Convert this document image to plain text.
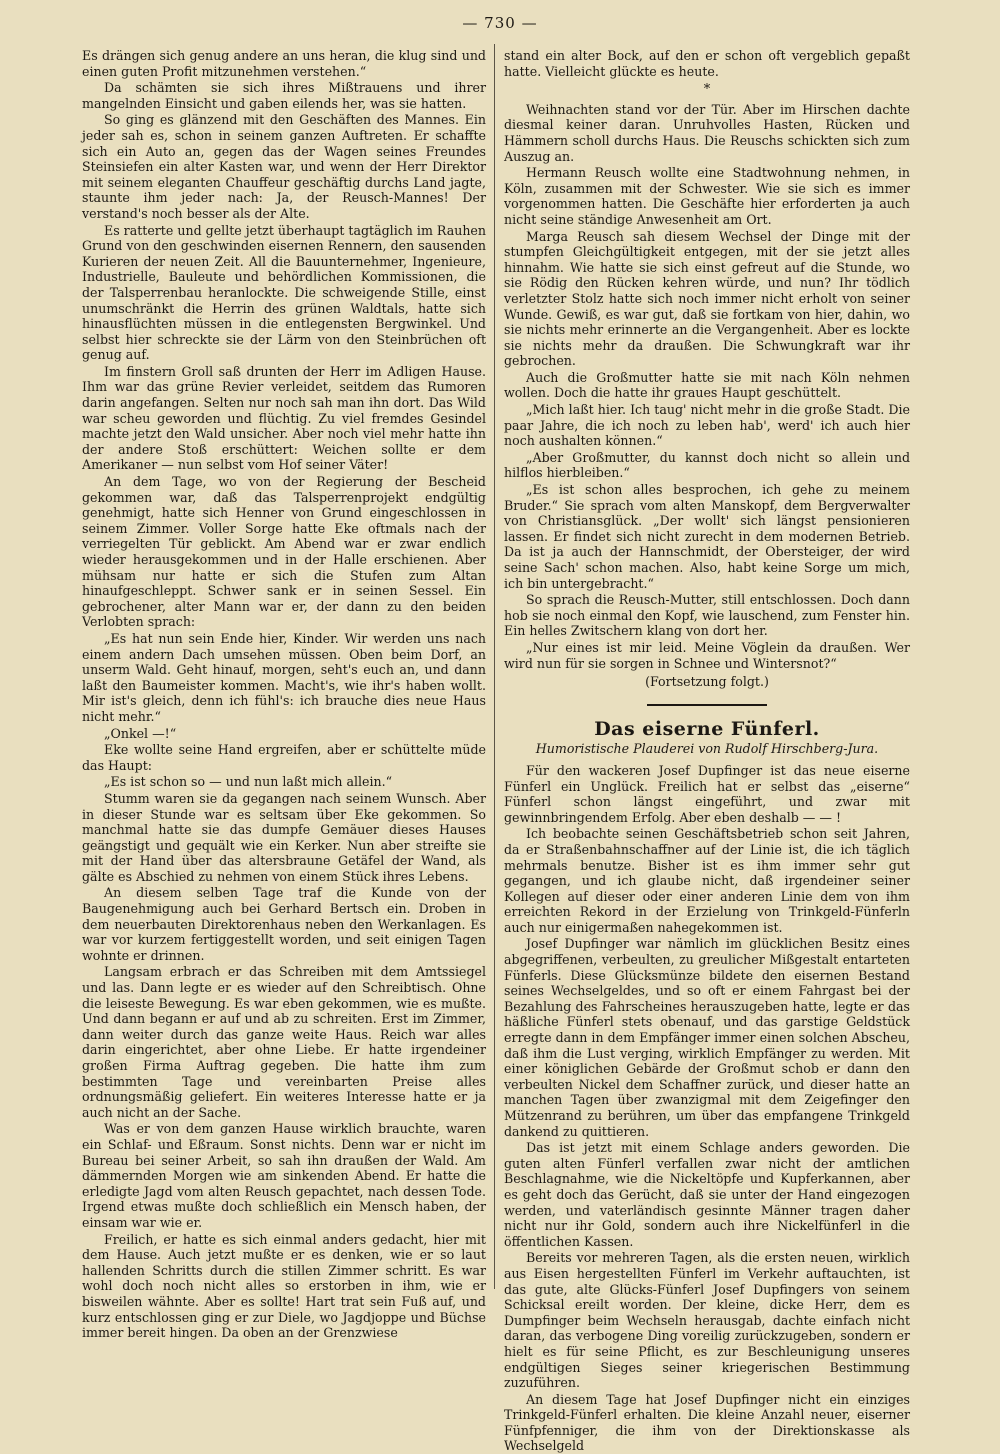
— 730 —

Es drängen sich genug andere an uns heran, die klug sind und einen guten Profit mitzunehmen verstehen.“

Da schämten sie sich ihres Mißtrauens und ihrer mangelnden Einsicht und gaben eilends her, was sie hatten.

So ging es glänzend mit den Geschäften des Mannes. Ein jeder sah es, schon in seinem ganzen Auftreten. Er schaffte sich ein Auto an, gegen das der Wagen seines Freundes Steinsiefen ein alter Kasten war, und wenn der Herr Direktor mit seinem eleganten Chauffeur geschäftig durchs Land jagte, staunte ihm jeder nach: Ja, der Reusch-Mannes! Der verstand's noch besser als der Alte.

Es ratterte und gellte jetzt überhaupt tagtäglich im Rauhen Grund von den geschwinden eisernen Rennern, den sausenden Kurieren der neuen Zeit. All die Bauunternehmer, Ingenieure, Industrielle, Bauleute und behördlichen Kommissionen, die der Talsperrenbau heranlockte. Die schweigende Stille, einst unumschränkt die Herrin des grünen Waldtals, hatte sich hinausflüchten müssen in die entlegensten Bergwinkel. Und selbst hier schreckte sie der Lärm von den Steinbrüchen oft genug auf.

Im finstern Groll saß drunten der Herr im Adligen Hause. Ihm war das grüne Revier verleidet, seitdem das Rumoren darin angefangen. Selten nur noch sah man ihn dort. Das Wild war scheu geworden und flüchtig. Zu viel fremdes Gesindel machte jetzt den Wald unsicher. Aber noch viel mehr hatte ihn der andere Stoß erschüttert: Weichen sollte er dem Amerikaner — nun selbst vom Hof seiner Väter!

An dem Tage, wo von der Regierung der Bescheid gekommen war, daß das Talsperrenprojekt endgültig genehmigt, hatte sich Henner von Grund eingeschlossen in seinem Zimmer. Voller Sorge hatte Eke oftmals nach der verriegelten Tür geblickt. Am Abend war er zwar endlich wieder herausgekommen und in der Halle erschienen. Aber mühsam nur hatte er sich die Stufen zum Altan hinaufgeschleppt. Schwer sank er in seinen Sessel. Ein gebrochener, alter Mann war er, der dann zu den beiden Verlobten sprach:

„Es hat nun sein Ende hier, Kinder. Wir werden uns nach einem andern Dach umsehen müssen. Oben beim Dorf, an unserm Wald. Geht hinauf, morgen, seht's euch an, und dann laßt den Baumeister kommen. Macht's, wie ihr's haben wollt. Mir ist's gleich, denn ich fühl's: ich brauche dies neue Haus nicht mehr.“

„Onkel —!“

Eke wollte seine Hand ergreifen, aber er schüttelte müde das Haupt:

„Es ist schon so — und nun laßt mich allein.“

Stumm waren sie da gegangen nach seinem Wunsch. Aber in dieser Stunde war es seltsam über Eke gekommen. So manchmal hatte sie das dumpfe Gemäuer dieses Hauses geängstigt und gequält wie ein Kerker. Nun aber streifte sie mit der Hand über das altersbraune Getäfel der Wand, als gälte es Abschied zu nehmen von einem Stück ihres Lebens.

An diesem selben Tage traf die Kunde von der Baugenehmigung auch bei Gerhard Bertsch ein. Droben in dem neuerbauten Direktorenhaus neben den Werkanlagen. Es war vor kurzem fertiggestellt worden, und seit einigen Tagen wohnte er drinnen.

Langsam erbrach er das Schreiben mit dem Amtssiegel und las. Dann legte er es wieder auf den Schreibtisch. Ohne die leiseste Bewegung. Es war eben gekommen, wie es mußte. Und dann begann er auf und ab zu schreiten. Erst im Zimmer, dann weiter durch das ganze weite Haus. Reich war alles darin eingerichtet, aber ohne Liebe. Er hatte irgendeiner großen Firma Auftrag gegeben. Die hatte ihm zum bestimmten Tage und vereinbarten Preise alles ordnungsmäßig geliefert. Ein weiteres Interesse hatte er ja auch nicht an der Sache.

Was er von dem ganzen Hause wirklich brauchte, waren ein Schlaf- und Eßraum. Sonst nichts. Denn war er nicht im Bureau bei seiner Arbeit, so sah ihn draußen der Wald. Am dämmernden Morgen wie am sinkenden Abend. Er hatte die erledigte Jagd vom alten Reusch gepachtet, nach dessen Tode. Irgend etwas mußte doch schließlich ein Mensch haben, der einsam war wie er.

Freilich, er hatte es sich einmal anders gedacht, hier mit dem Hause. Auch jetzt mußte er es denken, wie er so laut hallenden Schritts durch die stillen Zimmer schritt. Es war wohl doch noch nicht alles so erstorben in ihm, wie er bisweilen wähnte. Aber es sollte! Hart trat sein Fuß auf, und kurz entschlossen ging er zur Diele, wo Jagdjoppe und Büchse immer bereit hingen. Da oben an der Grenzwiese

stand ein alter Bock, auf den er schon oft vergeblich gepaßt hatte. Vielleicht glückte es heute.

*

Weihnachten stand vor der Tür. Aber im Hirschen dachte diesmal keiner daran. Unruhvolles Hasten, Rücken und Hämmern scholl durchs Haus. Die Reuschs schickten sich zum Auszug an.

Hermann Reusch wollte eine Stadtwohnung nehmen, in Köln, zusammen mit der Schwester. Wie sie sich es immer vorgenommen hatten. Die Geschäfte hier erforderten ja auch nicht seine ständige Anwesenheit am Ort.

Marga Reusch sah diesem Wechsel der Dinge mit der stumpfen Gleichgültigkeit entgegen, mit der sie jetzt alles hinnahm. Wie hatte sie sich einst gefreut auf die Stunde, wo sie Rödig den Rücken kehren würde, und nun? Ihr tödlich verletzter Stolz hatte sich noch immer nicht erholt von seiner Wunde. Gewiß, es war gut, daß sie fortkam von hier, dahin, wo sie nichts mehr erinnerte an die Vergangenheit. Aber es lockte sie nichts mehr da draußen. Die Schwungkraft war ihr gebrochen.

Auch die Großmutter hatte sie mit nach Köln nehmen wollen. Doch die hatte ihr graues Haupt geschüttelt.

„Mich laßt hier. Ich taug' nicht mehr in die große Stadt. Die paar Jahre, die ich noch zu leben hab', werd' ich auch hier noch aushalten können.“

„Aber Großmutter, du kannst doch nicht so allein und hilflos hierbleiben.“

„Es ist schon alles besprochen, ich gehe zu meinem Bruder.“ Sie sprach vom alten Manskopf, dem Bergverwalter von Christiansglück. „Der wollt' sich längst pensionieren lassen. Er findet sich nicht zurecht in dem modernen Betrieb. Da ist ja auch der Hannschmidt, der Obersteiger, der wird seine Sach' schon machen. Also, habt keine Sorge um mich, ich bin untergebracht.“

So sprach die Reusch-Mutter, still entschlossen. Doch dann hob sie noch einmal den Kopf, wie lauschend, zum Fenster hin. Ein helles Zwitschern klang von dort her.

„Nur eines ist mir leid. Meine Vöglein da draußen. Wer wird nun für sie sorgen in Schnee und Wintersnot?“

(Fortsetzung folgt.)
Das eiserne Fünferl.
Humoristische Plauderei von Rudolf Hirschberg-Jura.

Für den wackeren Josef Dupfinger ist das neue eiserne Fünferl ein Unglück. Freilich hat er selbst das „eiserne“ Fünferl schon längst eingeführt, und zwar mit gewinnbringendem Erfolg. Aber eben deshalb — — !

Ich beobachte seinen Geschäftsbetrieb schon seit Jahren, da er Straßenbahnschaffner auf der Linie ist, die ich täglich mehrmals benutze. Bisher ist es ihm immer sehr gut gegangen, und ich glaube nicht, daß irgendeiner seiner Kollegen auf dieser oder einer anderen Linie dem von ihm erreichten Rekord in der Erzielung von Trinkgeld-Fünferln auch nur einigermaßen nahegekommen ist.

Josef Dupfinger war nämlich im glücklichen Besitz eines abgegriffenen, verbeulten, zu greulicher Mißgestalt entarteten Fünferls. Diese Glücksmünze bildete den eisernen Bestand seines Wechselgeldes, und so oft er einem Fahrgast bei der Bezahlung des Fahrscheines herauszugeben hatte, legte er das häßliche Fünferl stets obenauf, und das garstige Geldstück erregte dann in dem Empfänger immer einen solchen Abscheu, daß ihm die Lust verging, wirklich Empfänger zu werden. Mit einer königlichen Gebärde der Großmut schob er dann den verbeulten Nickel dem Schaffner zurück, und dieser hatte an manchen Tagen über zwanzigmal mit dem Zeigefinger den Mützenrand zu berühren, um über das empfangene Trinkgeld dankend zu quittieren.

Das ist jetzt mit einem Schlage anders geworden. Die guten alten Fünferl verfallen zwar nicht der amtlichen Beschlagnahme, wie die Nickeltöpfe und Kupferkannen, aber es geht doch das Gerücht, daß sie unter der Hand eingezogen werden, und vaterländisch gesinnte Männer tragen daher nicht nur ihr Gold, sondern auch ihre Nickelfünferl in die öffentlichen Kassen.

Bereits vor mehreren Tagen, als die ersten neuen, wirklich aus Eisen hergestellten Fünferl im Verkehr auftauchten, ist das gute, alte Glücks-Fünferl Josef Dupfingers von seinem Schicksal ereilt worden. Der kleine, dicke Herr, dem es Dumpfinger beim Wechseln herausgab, dachte einfach nicht daran, das verbogene Ding voreilig zurückzugeben, sondern er hielt es für seine Pflicht, es zur Beschleunigung unseres endgültigen Sieges seiner kriegerischen Bestimmung zuzuführen.

An diesem Tage hat Josef Dupfinger nicht ein einziges Trinkgeld-Fünferl erhalten. Die kleine Anzahl neuer, eiserner Fünfpfenniger, die ihm von der Direktionskasse als Wechselgeld
